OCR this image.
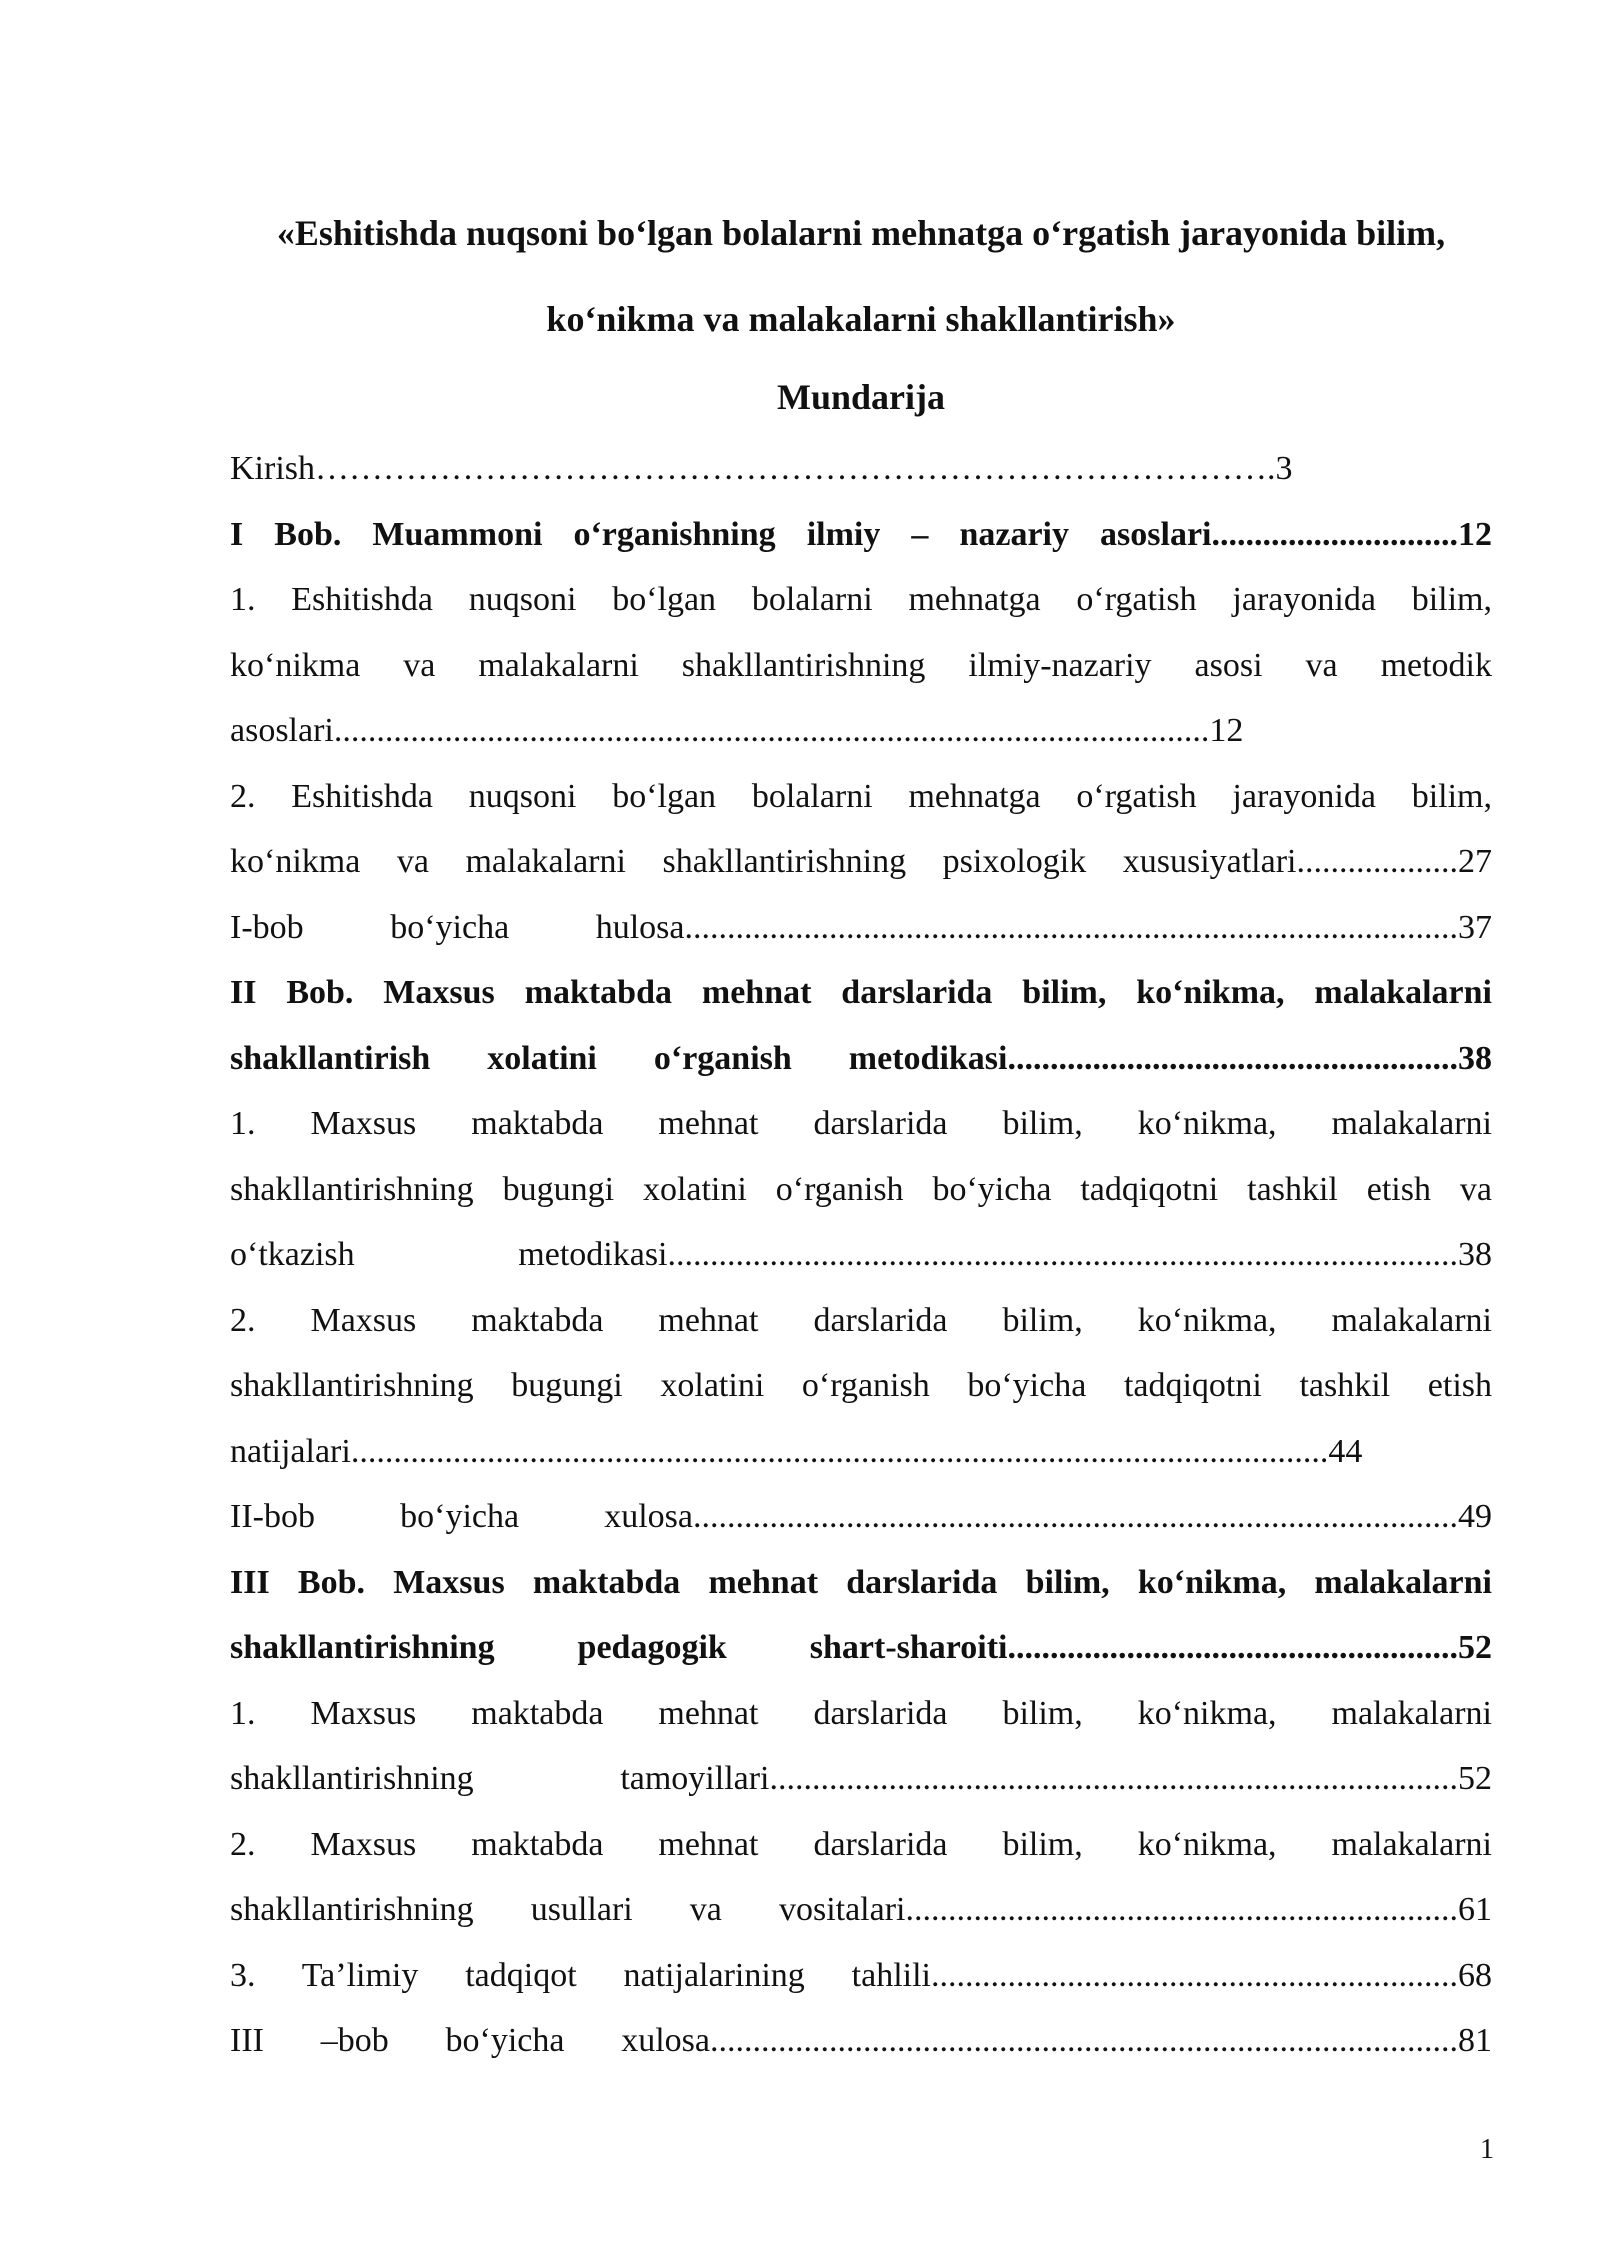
«Eshitishda nuqsoni boʻlgan bolalarni mehnatga oʻrgatish jarayonida bilim,

koʻnikma va malakalarni shakllantirish»

Mundarija

Kirish………………………………………………………………………….3

I Bob. Muammoni oʻrganishning ilmiy – nazariy asoslari.............................12

1. Eshitishda nuqsoni boʻlgan bolalarni mehnatga oʻrgatish jarayonida bilim,

koʻnikma va malakalarni shakllantirishning ilmiy-nazariy asosi va metodik

asoslari.......................................................................................................12

2. Eshitishda nuqsoni boʻlgan bolalarni mehnatga oʻrgatish jarayonida bilim,

koʻnikma va malakalarni shakllantirishning psixologik xususiyatlari...................27

I-bob boʻyicha hulosa...........................................................................................37

II Bob. Maxsus maktabda mehnat darslarida bilim, koʻnikma, malakalarni

shakllantirish xolatini oʻrganish metodikasi.....................................................38

1. Maxsus maktabda mehnat darslarida bilim, koʻnikma, malakalarni

shakllantirishning bugungi xolatini oʻrganish boʻyicha tadqiqotni tashkil etish va

oʻtkazish metodikasi.............................................................................................38

2. Maxsus maktabda mehnat darslarida bilim, koʻnikma, malakalarni

shakllantirishning bugungi xolatini oʻrganish boʻyicha tadqiqotni tashkil etish

natijalari...................................................................................................................44

II-bob boʻyicha xulosa..........................................................................................49

III Bob. Maxsus maktabda mehnat darslarida bilim, koʻnikma, malakalarni

shakllantirishning pedagogik shart-sharoiti.....................................................52

1. Maxsus maktabda mehnat darslarida bilim, koʻnikma, malakalarni

shakllantirishning tamoyillari.................................................................................52

2. Maxsus maktabda mehnat darslarida bilim, koʻnikma, malakalarni

shakllantirishning usullari va vositalari.................................................................61

3. Taʼlimiy tadqiqot natijalarining tahlili..............................................................68

III –bob boʻyicha xulosa........................................................................................81

1
